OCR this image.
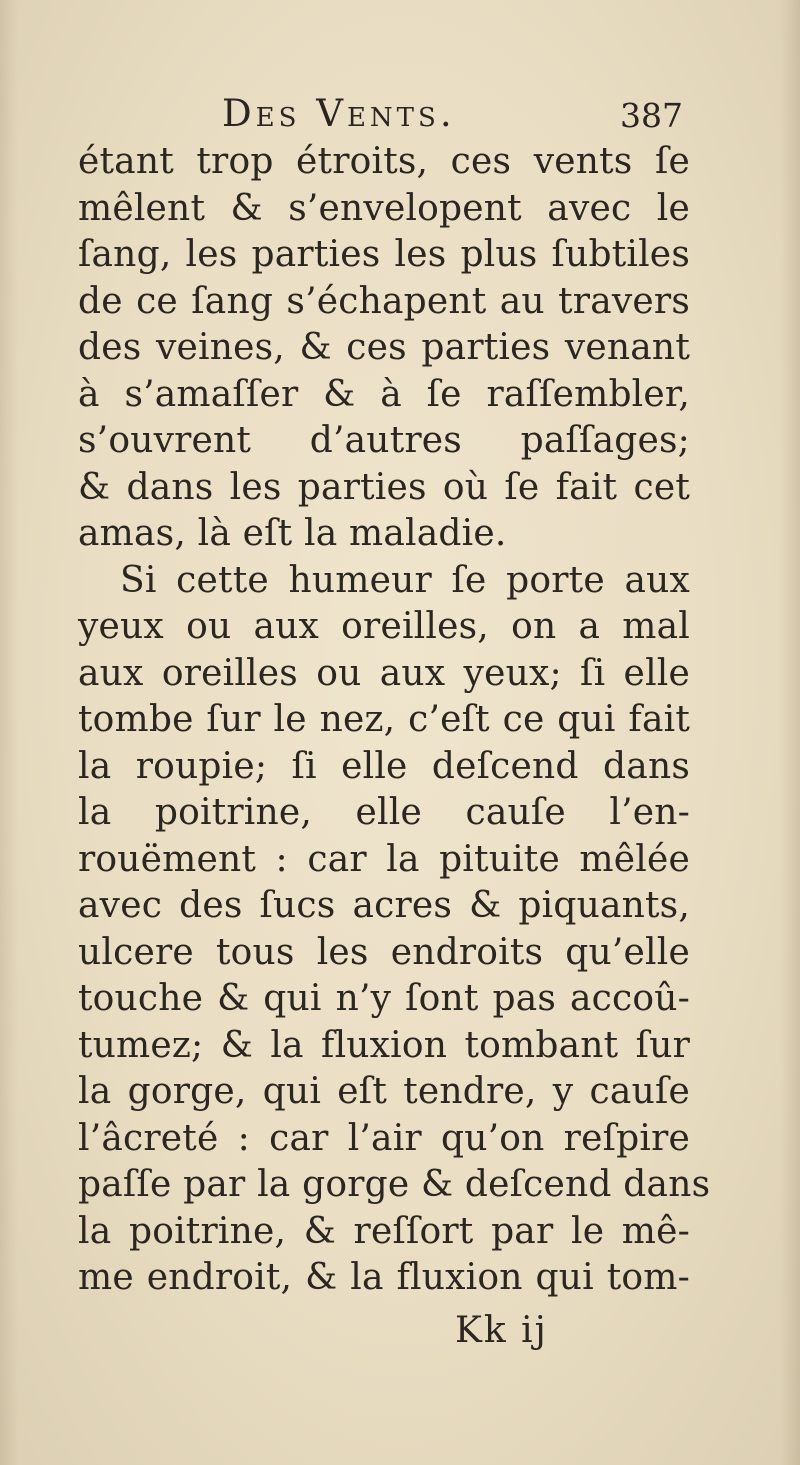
Des Vents.	387
étant trop étroits, ces vents ſe
mêlent & s’envelopent avec le
ſang, les parties les plus ſubtiles
de ce ſang s’échapent au travers
des veines, & ces parties venant
à s’amaſſer & à ſe raſſembler,
s’ouvrent d’autres paſſages;
& dans les parties où ſe fait cet
amas, là eſt la maladie.
Si cette humeur ſe porte aux
yeux ou aux oreilles, on a mal
aux oreilles ou aux yeux; ſi elle
tombe ſur le nez, c’eſt ce qui fait
la roupie; ſi elle deſcend dans
la poitrine, elle cauſe l’en-
rouëment : car la pituite mêlée
avec des ſucs acres & piquants,
ulcere tous les endroits qu’elle
touche & qui n’y ſont pas accoû-
tumez; & la fluxion tombant ſur
la gorge, qui eſt tendre, y cauſe
l’âcreté : car l’air qu’on reſpire
paſſe par la gorge & deſcend dans
la poitrine, & reſſort par le mê-
me endroit, & la fluxion qui tom-
Kk ij
